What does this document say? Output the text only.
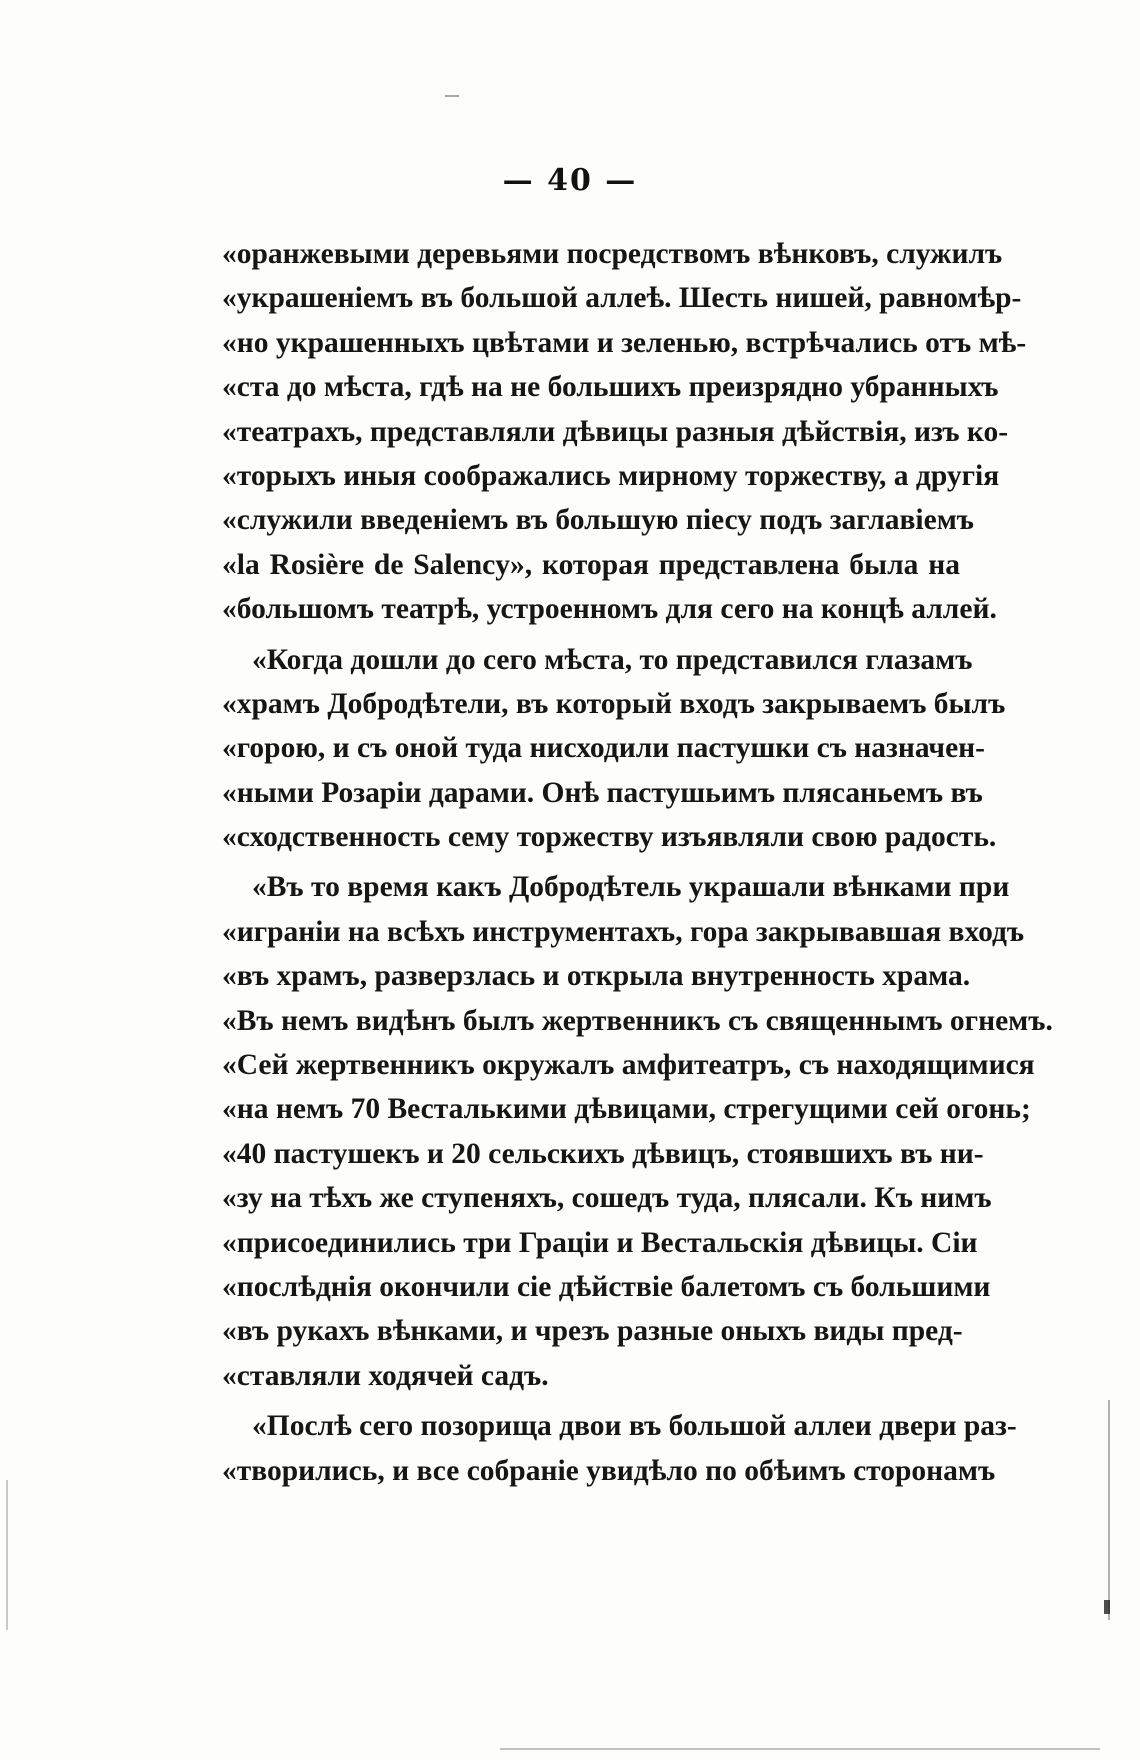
— 40 —
«оранжевыми деревьями посредствомъ вѣнковъ, служилъ
«украшеніемъ въ большой аллеѣ. Шесть нишей, равномѣр-
«но украшенныхъ цвѣтами и зеленью, встрѣчались отъ мѣ-
«ста до мѣста, гдѣ на не большихъ преизрядно убранныхъ
«театрахъ, представляли дѣвицы разныя дѣйствія, изъ ко-
«торыхъ иныя соображались мирному торжеству, а другія
«служили введеніемъ въ большую піесу подъ заглавіемъ
«la Rosière de Salency», которая представлена была на
«большомъ театрѣ, устроенномъ для сего на концѣ аллей.
«Когда дошли до сего мѣста, то представился глазамъ
«храмъ Добродѣтели, въ который входъ закрываемъ былъ
«горою, и съ оной туда нисходили пастушки съ назначен-
«ными Розаріи дарами. Онѣ пастушьимъ плясаньемъ въ
«сходственность сему торжеству изъявляли свою радость.
«Въ то время какъ Добродѣтель украшали вѣнками при
«играніи на всѣхъ инструментахъ, гора закрывавшая входъ
«въ храмъ, разверзлась и открыла внутренность храма.
«Въ немъ видѣнъ былъ жертвенникъ съ священнымъ огнемъ.
«Сей жертвенникъ окружалъ амфитеатръ, съ находящимися
«на немъ 70 Весталькими дѣвицами, стрегущими сей огонь;
«40 пастушекъ и 20 сельскихъ дѣвицъ, стоявшихъ въ ни-
«зу на тѣхъ же ступеняхъ, сошедъ туда, плясали. Къ нимъ
«присоединились три Граціи и Вестальскія дѣвицы. Сіи
«послѣднія окончили сіе дѣйствіе балетомъ съ большими
«въ рукахъ вѣнками, и чрезъ разные оныхъ виды пред-
«ставляли ходячей садъ.
«Послѣ сего позорища двои въ большой аллеи двери раз-
«творились, и все собраніе увидѣло по обѣимъ сторонамъ
